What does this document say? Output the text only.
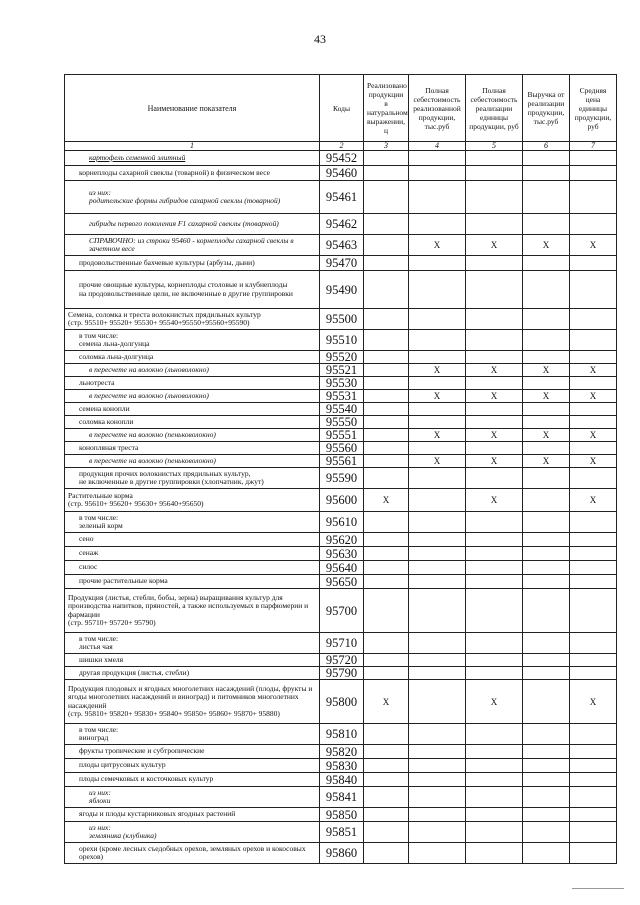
43
Наименование показателя	Коды	Реализовано продукции в натуральном выражении, ц	Полная себестоимость реализованной продукции, тыс.руб	Полная себестоимость реализации единицы продукции, руб	Выручка от реализации продукции, тыс.руб	Средняя цена единицы продукции, руб
1	2	3	4	5	6	7
картофель семенной элитный	95452					
корнеплоды сахарной свеклы (товарной) в физическом весе	95460					
из них:
родительские формы гибридов сахарной свеклы (товарной)	95461					
гибриды первого поколения F1 сахарной свеклы (товарной)	95462					
СПРАВОЧНО: из строки 95460 - корнеплоды сахарной свеклы в зачетном весе	95463		X	X	X	X
продовольственные бахчевые культуры (арбузы, дыни)	95470					
прочие овощные культуры, корнеплоды столовые и клубнеплоды
на продовольственные цели, не включенные в другие группировки	95490					
Семена, соломка и треста волокнистых прядильных культур
(стр. 95510+ 95520+ 95530+ 95540+95550+95560+95590)	95500					
в том числе:
семена льна-долгунца	95510					
соломка льна-долгунца	95520					
в пересчете на волокно (льноволокно)	95521		X	X	X	X
льнотреста	95530					
в пересчете на волокно (льноволокно)	95531		X	X	X	X
семена конопли	95540					
соломка конопли	95550					
в пересчете на волокно (пеньковолокно)	95551		X	X	X	X
конопляная треста	95560					
в пересчете на волокно (пеньковолокно)	95561		X	X	X	X
продукция прочих волокнистых прядильных культур,
не включенные в другие группировки (хлопчатник, джут)	95590					
Растительные корма
(стр. 95610+ 95620+ 95630+ 95640+95650)	95600	X		X		X
в том числе:
зеленый корм	95610					
сено	95620					
сенаж	95630					
силос	95640					
прочие растительные корма	95650					
Продукция (листья, стебли, бобы, зерна) выращивания культур для производства напитков, пряностей, а также используемых в парфюмерии и фармации
(стр. 95710+ 95720+ 95790)	95700					
в том числе:
листья чая	95710					
шишки хмеля	95720					
другая продукция (листья, стебли)	95790					
Продукция плодовых и ягодных многолетних насаждений (плоды, фрукты и ягоды многолетних насаждений и виноград) и питомников многолетних насаждений
(стр. 95810+ 95820+ 95830+ 95840+ 95850+ 95860+ 95870+ 95880)	95800	X		X		X
в том числе:
виноград	95810					
фрукты тропические и субтропические	95820					
плоды цитрусовых культур	95830					
плоды семечковых и косточковых культур	95840					
из них:
яблоки	95841					
ягоды и плоды кустарниковых ягодных растений	95850					
из них:
земляника (клубника)	95851					
орехи (кроме лесных съедобных орехов, земляных орехов и кокосовых орехов)	95860					
